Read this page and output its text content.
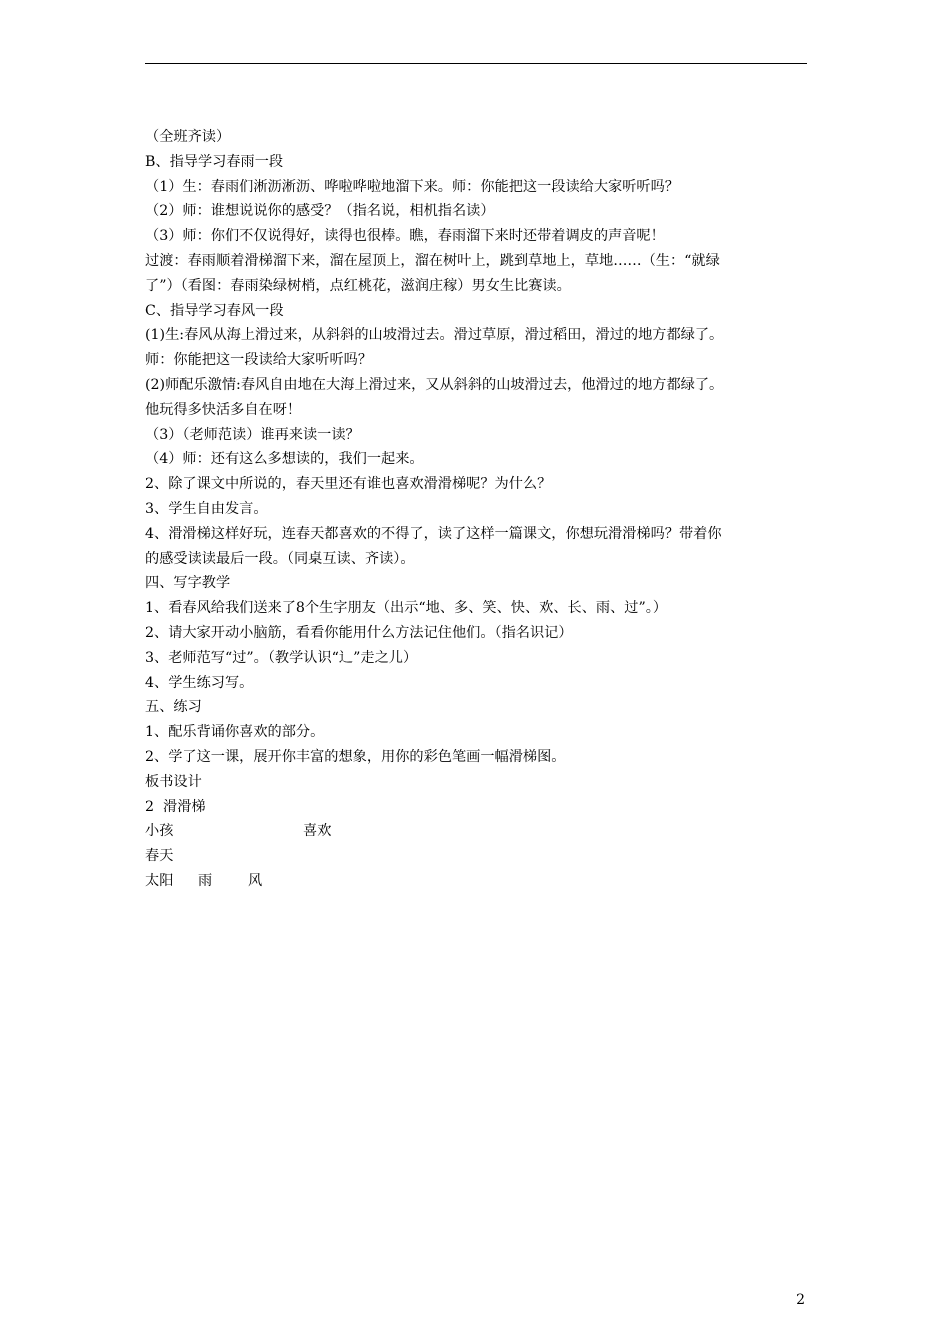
（全班齐读）
B、指导学习春雨一段
（1）生：春雨们淅沥淅沥、哗啦哗啦地溜下来。师：你能把这一段读给大家听听吗？
（2）师：谁想说说你的感受？（指名说，相机指名读）
（3）师：你们不仅说得好，读得也很棒。瞧，春雨溜下来时还带着调皮的声音呢！
过渡：春雨顺着滑梯溜下来，溜在屋顶上，溜在树叶上，跳到草地上，草地……（生：“就绿
了”）（看图：春雨染绿树梢，点红桃花，滋润庄稼）男女生比赛读。
C、指导学习春风一段
(1)生:春风从海上滑过来，从斜斜的山坡滑过去。滑过草原，滑过稻田，滑过的地方都绿了。
师：你能把这一段读给大家听听吗？
(2)师配乐激情:春风自由地在大海上滑过来，又从斜斜的山坡滑过去，他滑过的地方都绿了。
他玩得多快活多自在呀！
（3）（老师范读）谁再来读一读？
（4）师：还有这么多想读的，我们一起来。
2、除了课文中所说的，春天里还有谁也喜欢滑滑梯呢？为什么？
3、学生自由发言。
4、滑滑梯这样好玩，连春天都喜欢的不得了，读了这样一篇课文，你想玩滑滑梯吗？带着你
的感受读读最后一段。（同桌互读、齐读）。
四、写字教学
1、看春风给我们送来了8个生字朋友（出示“地、多、笑、快、欢、长、雨、过”。）
2、请大家开动小脑筋，看看你能用什么方法记住他们。（指名识记）
3、老师范写“过”。（教学认识“辶”走之儿）
4、学生练习写。
五、练习
1、配乐背诵你喜欢的部分。
2、学了这一课，展开你丰富的想象，用你的彩色笔画一幅滑梯图。
板书设计
2  滑滑梯
小孩	喜欢
春天
太阳	雨	风
2
